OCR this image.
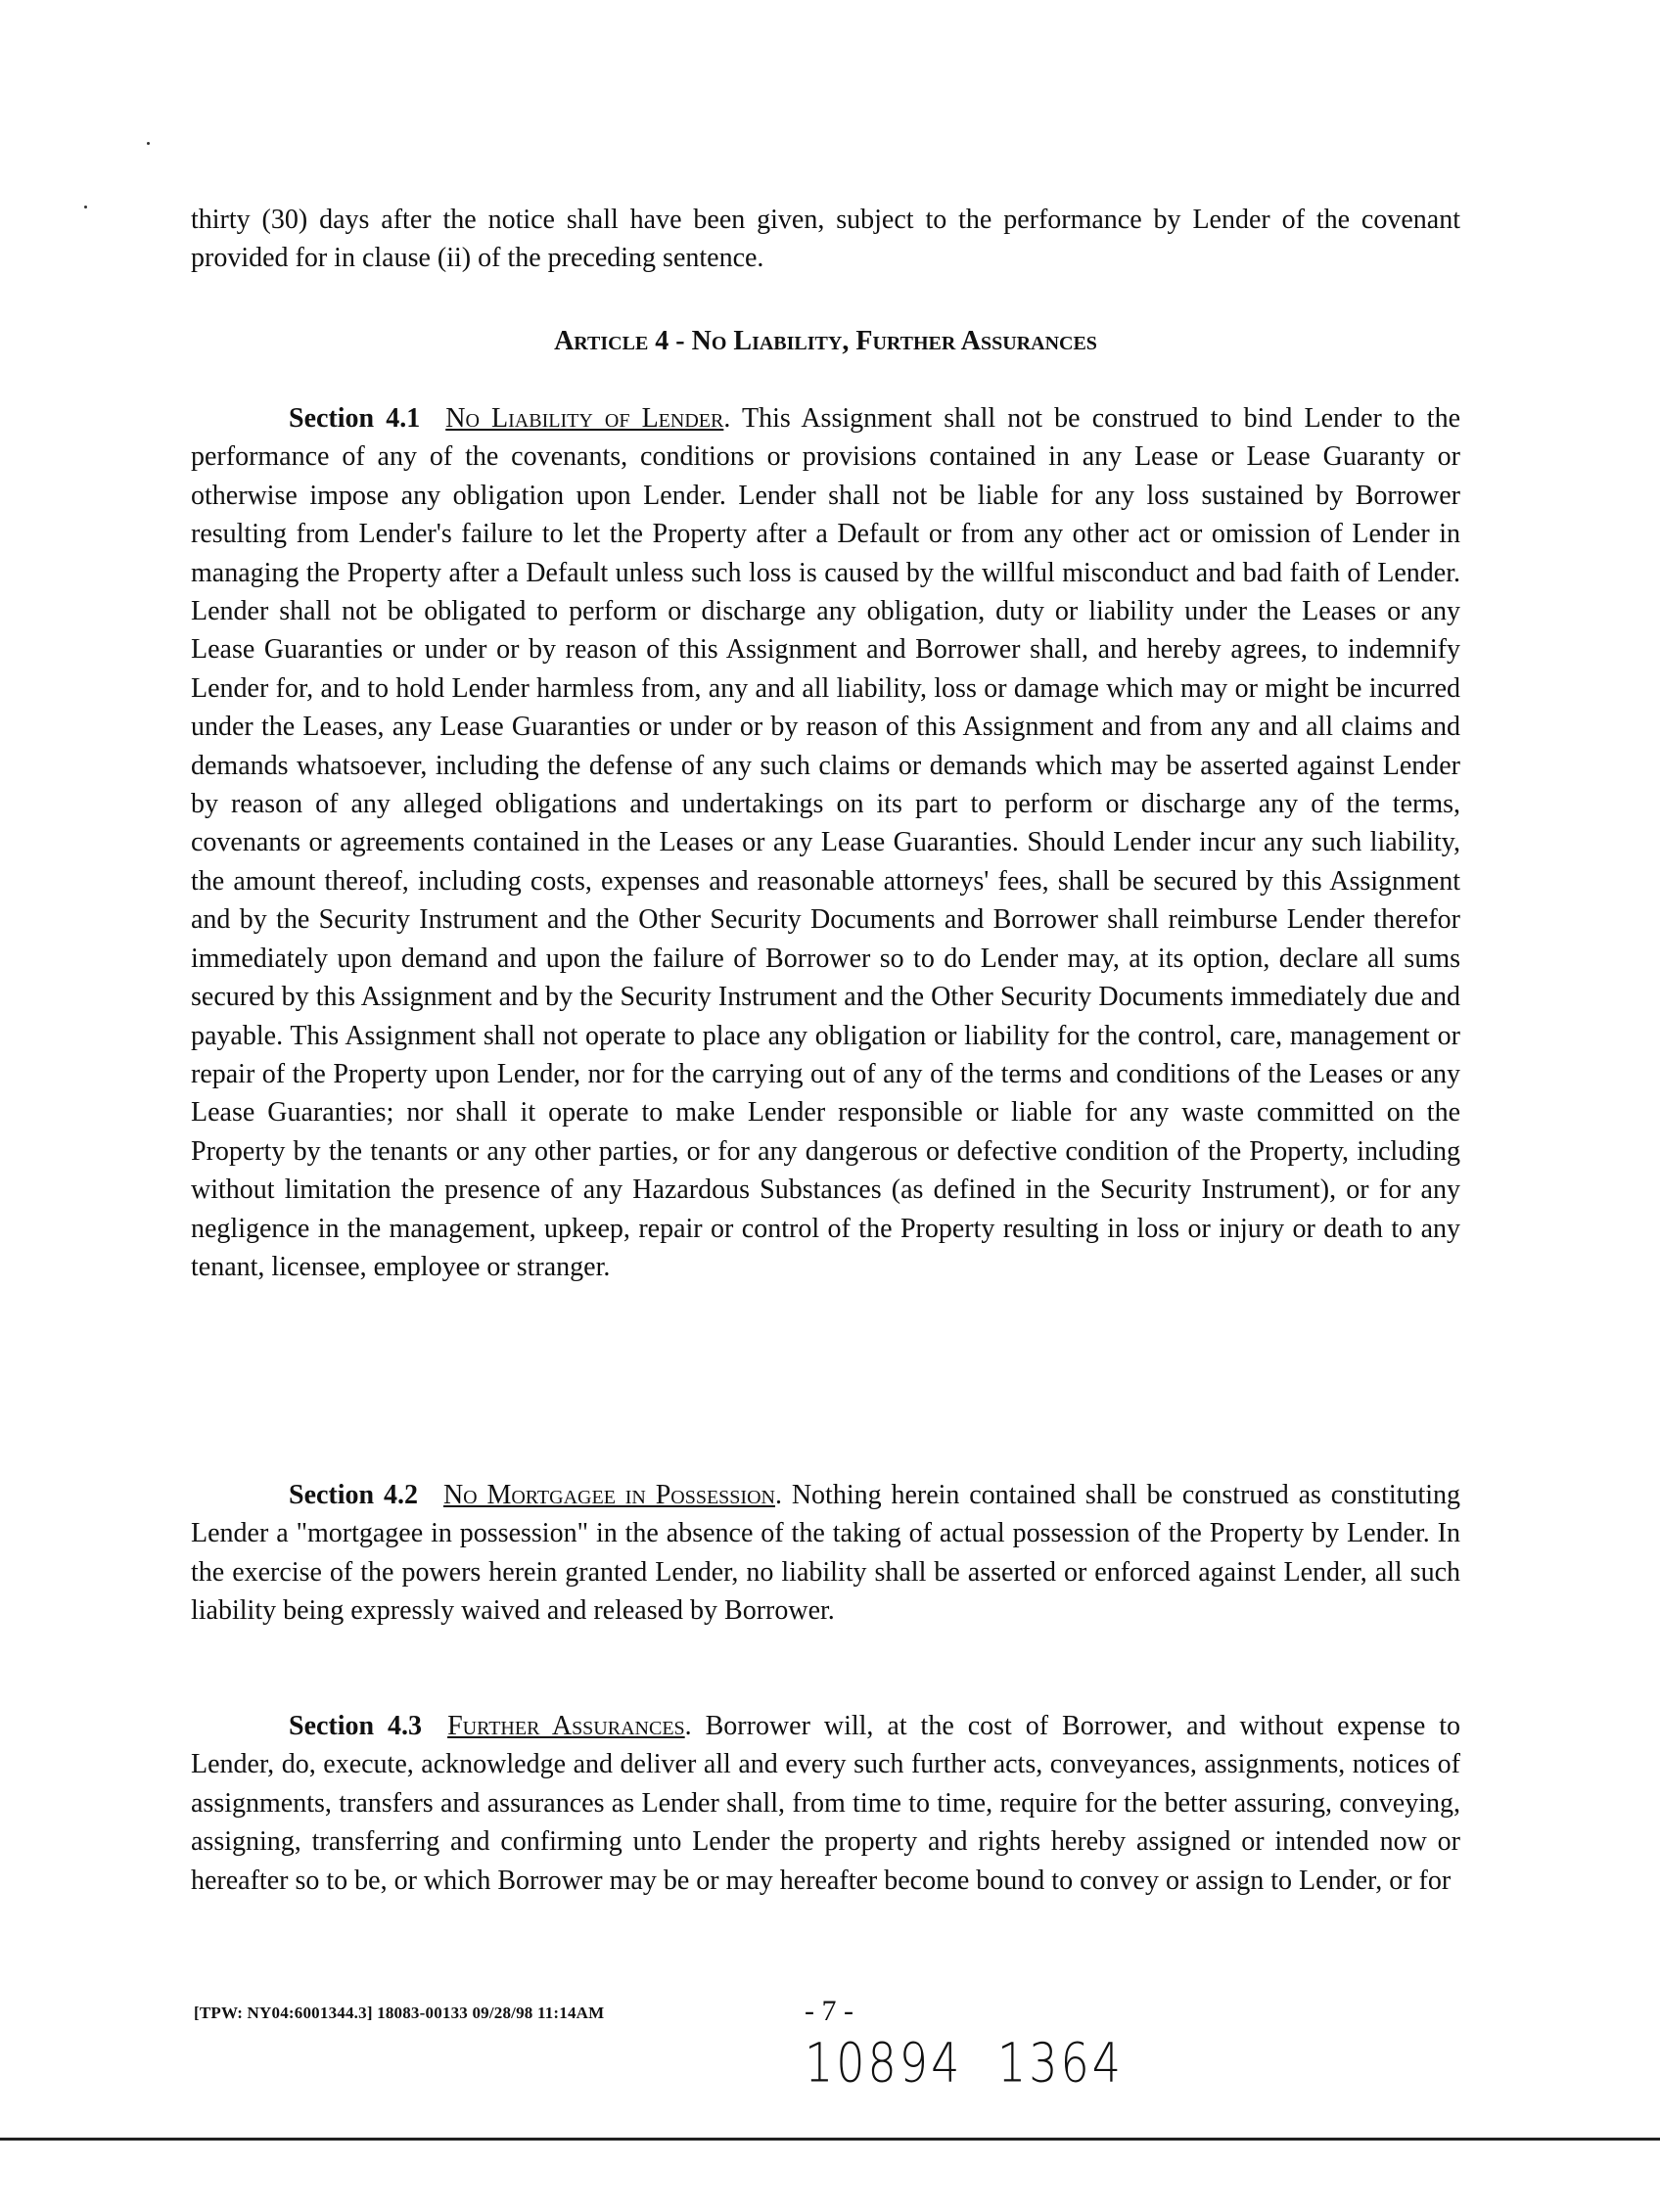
thirty (30) days after the notice shall have been given, subject to the performance by Lender of the covenant provided for in clause (ii) of the preceding sentence.

Article 4 - No Liability, Further Assurances

Section 4.1 No Liability of Lender. This Assignment shall not be construed to bind Lender to the performance of any of the covenants, conditions or provisions contained in any Lease or Lease Guaranty or otherwise impose any obligation upon Lender. Lender shall not be liable for any loss sustained by Borrower resulting from Lender's failure to let the Property after a Default or from any other act or omission of Lender in managing the Property after a Default unless such loss is caused by the willful misconduct and bad faith of Lender. Lender shall not be obligated to perform or discharge any obligation, duty or liability under the Leases or any Lease Guaranties or under or by reason of this Assignment and Borrower shall, and hereby agrees, to indemnify Lender for, and to hold Lender harmless from, any and all liability, loss or damage which may or might be incurred under the Leases, any Lease Guaranties or under or by reason of this Assignment and from any and all claims and demands whatsoever, including the defense of any such claims or demands which may be asserted against Lender by reason of any alleged obligations and undertakings on its part to perform or discharge any of the terms, covenants or agreements contained in the Leases or any Lease Guaranties. Should Lender incur any such liability, the amount thereof, including costs, expenses and reasonable attorneys' fees, shall be secured by this Assignment and by the Security Instrument and the Other Security Documents and Borrower shall reimburse Lender therefor immediately upon demand and upon the failure of Borrower so to do Lender may, at its option, declare all sums secured by this Assignment and by the Security Instrument and the Other Security Documents immediately due and payable. This Assignment shall not operate to place any obligation or liability for the control, care, management or repair of the Property upon Lender, nor for the carrying out of any of the terms and conditions of the Leases or any Lease Guaranties; nor shall it operate to make Lender responsible or liable for any waste committed on the Property by the tenants or any other parties, or for any dangerous or defective condition of the Property, including without limitation the presence of any Hazardous Substances (as defined in the Security Instrument), or for any negligence in the management, upkeep, repair or control of the Property resulting in loss or injury or death to any tenant, licensee, employee or stranger.

Section 4.2 No Mortgagee in Possession. Nothing herein contained shall be construed as constituting Lender a "mortgagee in possession" in the absence of the taking of actual possession of the Property by Lender. In the exercise of the powers herein granted Lender, no liability shall be asserted or enforced against Lender, all such liability being expressly waived and released by Borrower.

Section 4.3 Further Assurances. Borrower will, at the cost of Borrower, and without expense to Lender, do, execute, acknowledge and deliver all and every such further acts, conveyances, assignments, notices of assignments, transfers and assurances as Lender shall, from time to time, require for the better assuring, conveying, assigning, transferring and confirming unto Lender the property and rights hereby assigned or intended now or hereafter so to be, or which Borrower may be or may hereafter become bound to convey or assign to Lender, or for

[TPW: NY04:6001344.3] 18083-00133 09/28/98 11:14AM	- 7 -

10894 1364
